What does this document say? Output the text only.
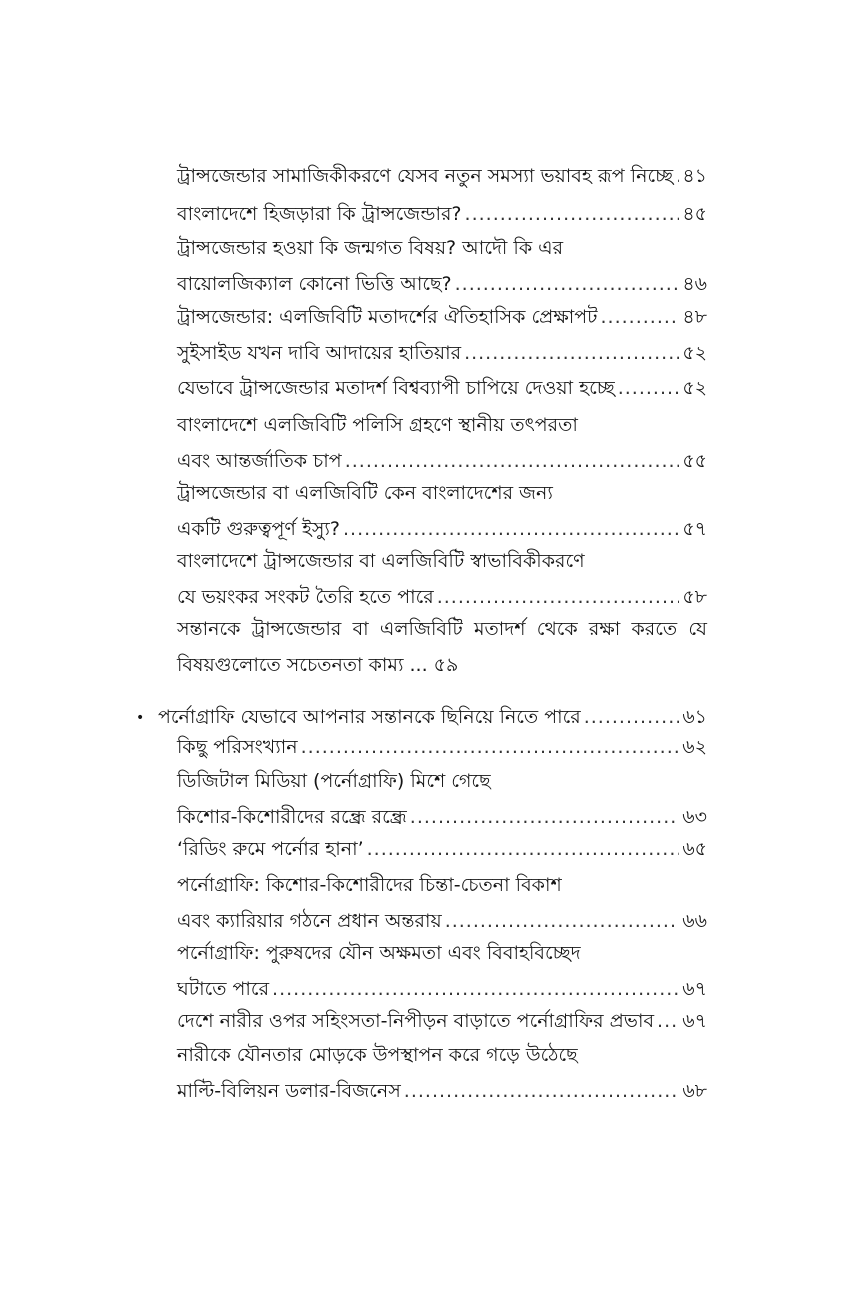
ট্রান্সজেন্ডার সামাজিকীকরণে যেসব নতুন সমস্যা ভয়াবহ রূপ নিচ্ছে ..... ৪১
বাংলাদেশে হিজড়ারা কি ট্রান্সজেন্ডার? .....	৪৫
ট্রান্সজেন্ডার হওয়া কি জন্মগত বিষয়? আদৌ কি এর
বায়োলজিক্যাল কোনো ভিত্তি আছে? .....	৪৬
ট্রান্সজেন্ডার: এলজিবিটি মতাদর্শের ঐতিহাসিক প্রেক্ষাপট .....	৪৮
সুইসাইড যখন দাবি আদায়ের হাতিয়ার .....	৫২
যেভাবে ট্রান্সজেন্ডার মতাদর্শ বিশ্বব্যাপী চাপিয়ে দেওয়া হচ্ছে .....	৫২
বাংলাদেশে এলজিবিটি পলিসি গ্রহণে স্থানীয় তৎপরতা
এবং আন্তর্জাতিক চাপ .....	৫৫
ট্রান্সজেন্ডার বা এলজিবিটি কেন বাংলাদেশের জন্য
একটি গুরুত্বপূর্ণ ইস্যু? .....	৫৭
বাংলাদেশে ট্রান্সজেন্ডার বা এলজিবিটি স্বাভাবিকীকরণে
যে ভয়ংকর সংকট তৈরি হতে পারে .....	৫৮
সন্তানকে ট্রান্সজেন্ডার বা এলজিবিটি মতাদর্শ থেকে রক্ষা করতে যে বিষয়গুলোতে সচেতনতা কাম্য ... ৫৯
• পর্নোগ্রাফি যেভাবে আপনার সন্তানকে ছিনিয়ে নিতে পারে .....	৬১
কিছু পরিসংখ্যান .....	৬২
ডিজিটাল মিডিয়া (পর্নোগ্রাফি) মিশে গেছে
কিশোর-কিশোরীদের রন্ধ্রে রন্ধ্রে .....	৬৩
‘রিডিং রুমে পর্নোর হানা’ .....	৬৫
পর্নোগ্রাফি: কিশোর-কিশোরীদের চিন্তা-চেতনা বিকাশ
এবং ক্যারিয়ার গঠনে প্রধান অন্তরায় .....	৬৬
পর্নোগ্রাফি: পুরুষদের যৌন অক্ষমতা এবং বিবাহবিচ্ছেদ
ঘটাতে পারে .....	৬৭
দেশে নারীর ওপর সহিংসতা-নিপীড়ন বাড়াতে পর্নোগ্রাফির প্রভাব ..... ৬৭
নারীকে যৌনতার মোড়কে উপস্থাপন করে গড়ে উঠেছে
মাল্টি-বিলিয়ন ডলার-বিজনেস .....	৬৮
